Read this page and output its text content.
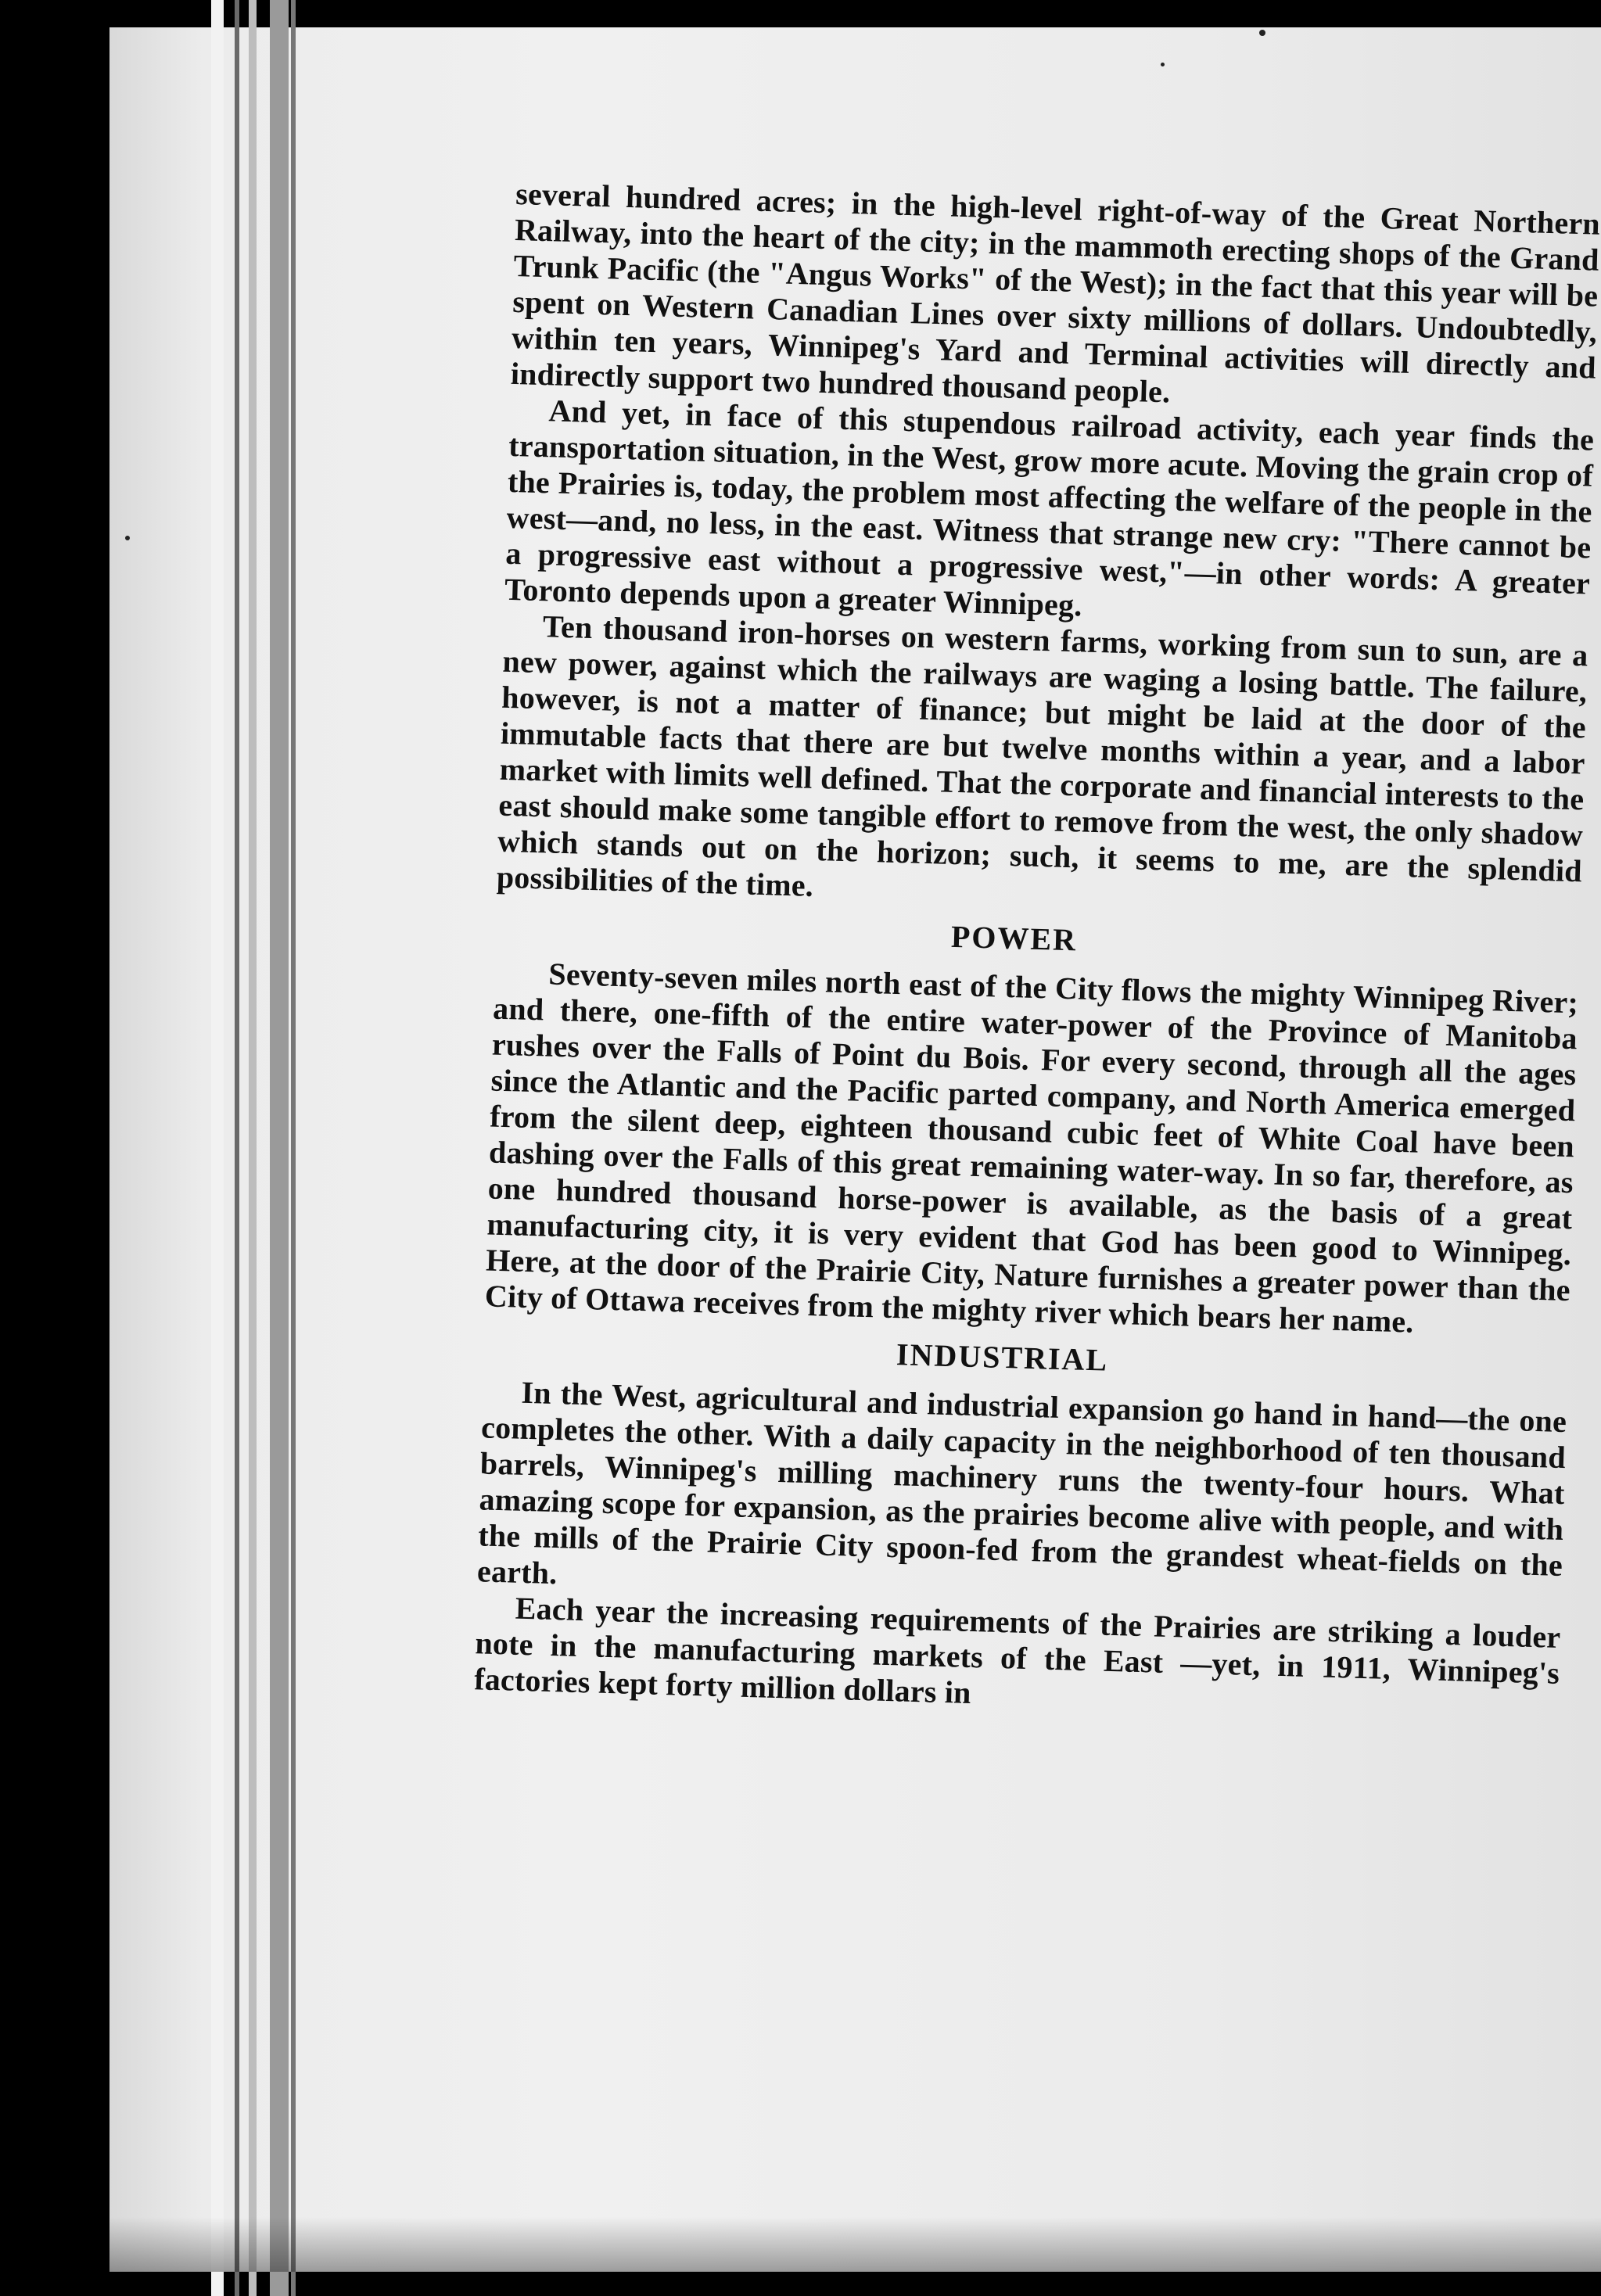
several hundred acres; in the high-level right-of-way of the Great Northern Railway, into the heart of the city; in the mammoth erecting shops of the Grand Trunk Pacific (the "Angus Works" of the West); in the fact that this year will be spent on Western Canadian Lines over sixty millions of dollars. Undoubtedly, within ten years, Winnipeg's Yard and Terminal activities will directly and indirectly support two hundred thousand people.

And yet, in face of this stupendous railroad activity, each year finds the transportation situation, in the West, grow more acute. Moving the grain crop of the Prairies is, today, the problem most affecting the welfare of the people in the west—and, no less, in the east. Witness that strange new cry: "There cannot be a progressive east without a progressive west,"—in other words: A greater Toronto depends upon a greater Winnipeg.

Ten thousand iron-horses on western farms, working from sun to sun, are a new power, against which the railways are waging a losing battle. The failure, however, is not a matter of finance; but might be laid at the door of the immutable facts that there are but twelve months within a year, and a labor market with limits well defined. That the corporate and financial interests to the east should make some tangible effort to remove from the west, the only shadow which stands out on the horizon; such, it seems to me, are the splendid possibilities of the time.

POWER

Seventy-seven miles north east of the City flows the mighty Winnipeg River; and there, one-fifth of the entire water-power of the Province of Manitoba rushes over the Falls of Point du Bois. For every second, through all the ages since the Atlantic and the Pacific parted company, and North America emerged from the silent deep, eighteen thousand cubic feet of White Coal have been dashing over the Falls of this great remaining water-way. In so far, therefore, as one hundred thousand horse-power is available, as the basis of a great manufacturing city, it is very evident that God has been good to Winnipeg. Here, at the door of the Prairie City, Nature furnishes a greater power than the City of Ottawa receives from the mighty river which bears her name.

INDUSTRIAL

In the West, agricultural and industrial expansion go hand in hand—the one completes the other. With a daily capacity in the neighborhood of ten thousand barrels, Winnipeg's milling machinery runs the twenty-four hours. What amazing scope for expansion, as the prairies become alive with people, and with the mills of the Prairie City spoon-fed from the grandest wheat-fields on the earth.

Each year the increasing requirements of the Prairies are striking a louder note in the manufacturing markets of the East —yet, in 1911, Winnipeg's factories kept forty million dollars in
